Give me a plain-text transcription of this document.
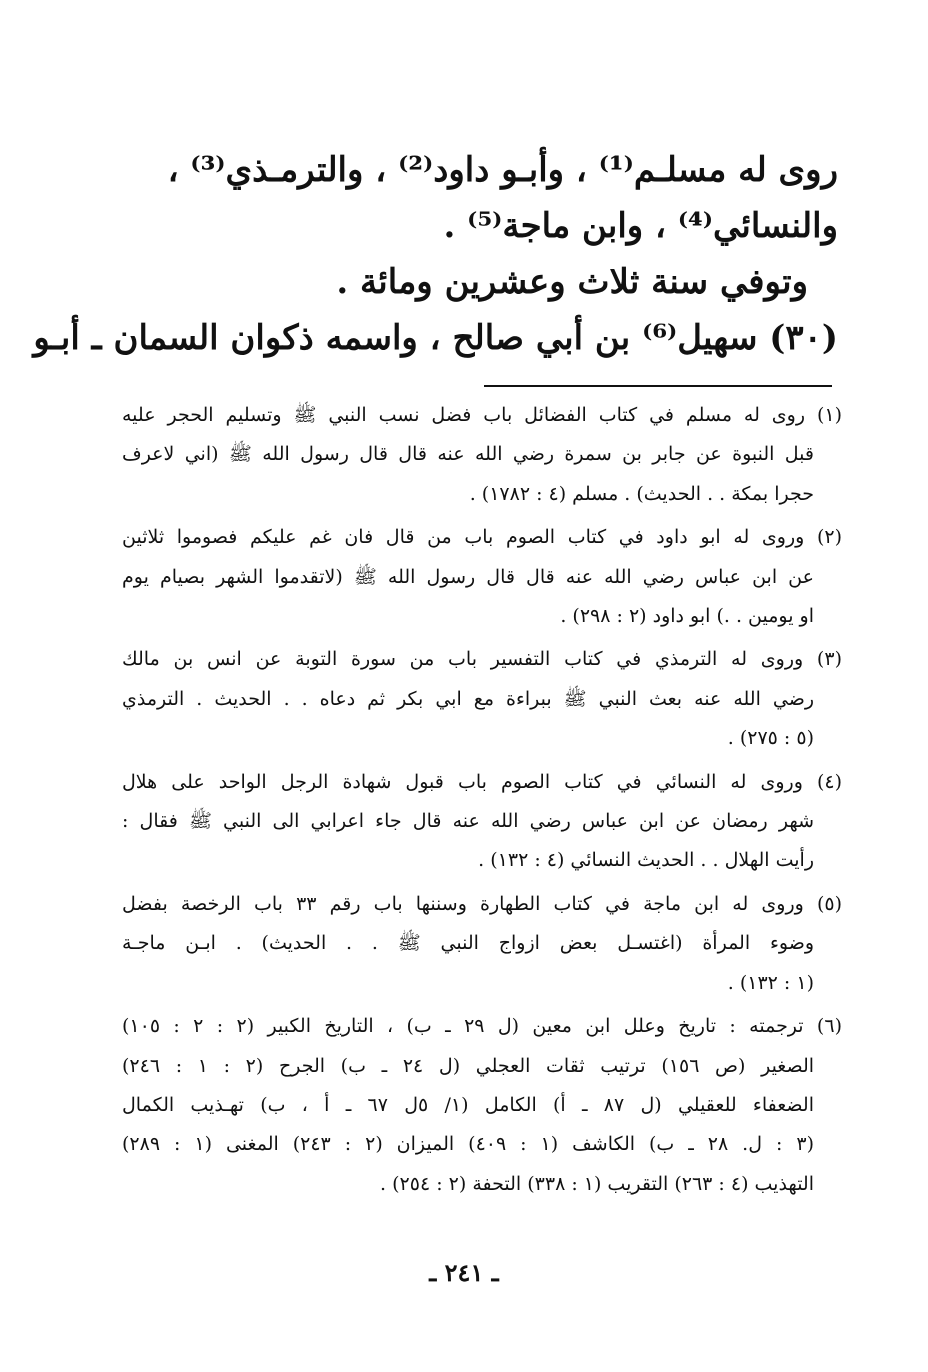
روى له مسلـم⁽¹⁾ ، وأبـو داود⁽²⁾ ، والترمـذي⁽³⁾ ،
والنسائي⁽⁴⁾ ، وابن ماجة⁽⁵⁾ .
وتوفي سنة ثلاث وعشرين ومائة .
(٣٠) سهيل⁽⁶⁾ بن أبي صالح ، واسمه ذكوان السمان ـ أبـو
(١) روى له مسلم في كتاب الفضائل باب فضل نسب النبي ﷺ وتسليم الحجر عليه
قبل النبوة عن جابر بن سمرة رضي الله عنه قال قال رسول الله ﷺ (اني لاعرف
حجرا بمكة . . الحديث) . مسلم (٤ : ١٧٨٢) .
(٢) وروى له ابو داود في كتاب الصوم باب من قال فان غم عليكم فصوموا ثلاثين
عن ابن عباس رضي الله عنه قال قال رسول الله ﷺ (لاتقدموا الشهر بصيام يوم
او يومين . .) ابو داود (٢ : ٢٩٨) .
(٣) وروى له الترمذي في كتاب التفسير باب من سورة التوبة عن انس بن مالك
رضي الله عنه بعث النبي ﷺ ببراءة مع ابي بكر ثم دعاه . . الحديث . الترمذي
(٥ : ٢٧٥) .
(٤) وروى له النسائي في كتاب الصوم باب قبول شهادة الرجل الواحد على هلال
شهر رمضان عن ابن عباس رضي الله عنه قال جاء اعرابي الى النبي ﷺ فقال :
رأيت الهلال . . الحديث النسائي (٤ : ١٣٢) .
(٥) وروى له ابن ماجة في كتاب الطهارة وسننها باب رقم ٣٣ باب الرخصة بفضل
وضوء المرأة (اغتسـل بعض ازواج النبي ﷺ . . الحديث) . ابـن ماجـة
(١ : ١٣٢) .
(٦) ترجمته : تاريخ وعلل ابن معين (ل ٢٩ ـ ب) ، التاريخ الكبير (٢ : ٢ : ١٠٥)
الصغير (ص ١٥٦) ترتيب ثقات العجلي (ل ٢٤ ـ ب) الجرح (٢ : ١ : ٢٤٦)
الضعفاء للعقيلي (ل ٨٧ ـ أ) الكامل (١/ ٥ل ٦٧ ـ أ ، ب) تهـذيب الكمال
(٣ : ل. ٢٨ ـ ب) الكاشف (١ : ٤٠٩) الميزان (٢ : ٢٤٣) المغنى (١ : ٢٨٩)
التهذيب (٤ : ٢٦٣) التقريب (١ : ٣٣٨) التحفة (٢ : ٢٥٤) .
ـ ٢٤١ ـ
